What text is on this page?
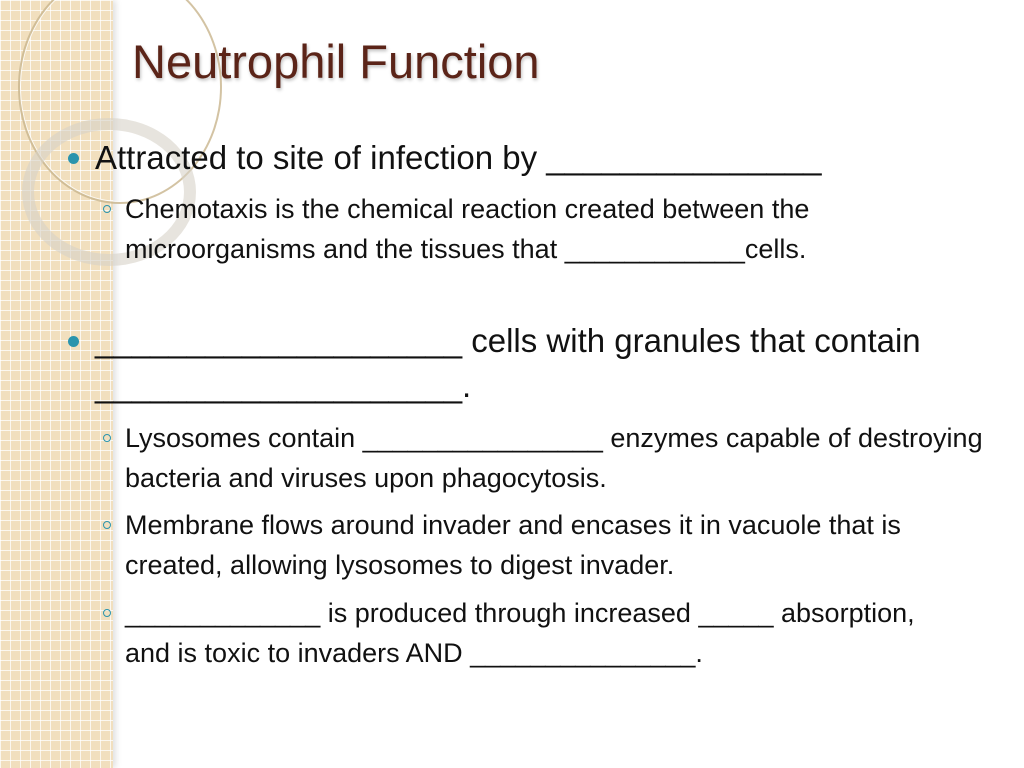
Neutrophil Function
Attracted to site of infection by _______________
Chemotaxis is the chemical reaction created between the microorganisms and the tissues that ____________cells.
____________________ cells with granules that contain ____________________.
Lysosomes contain ________________ enzymes capable of destroying bacteria and viruses upon phagocytosis.
Membrane flows around invader and encases it in vacuole that is created, allowing lysosomes to digest invader.
_____________ is produced through increased _____ absorption, and is toxic to invaders AND _______________.
